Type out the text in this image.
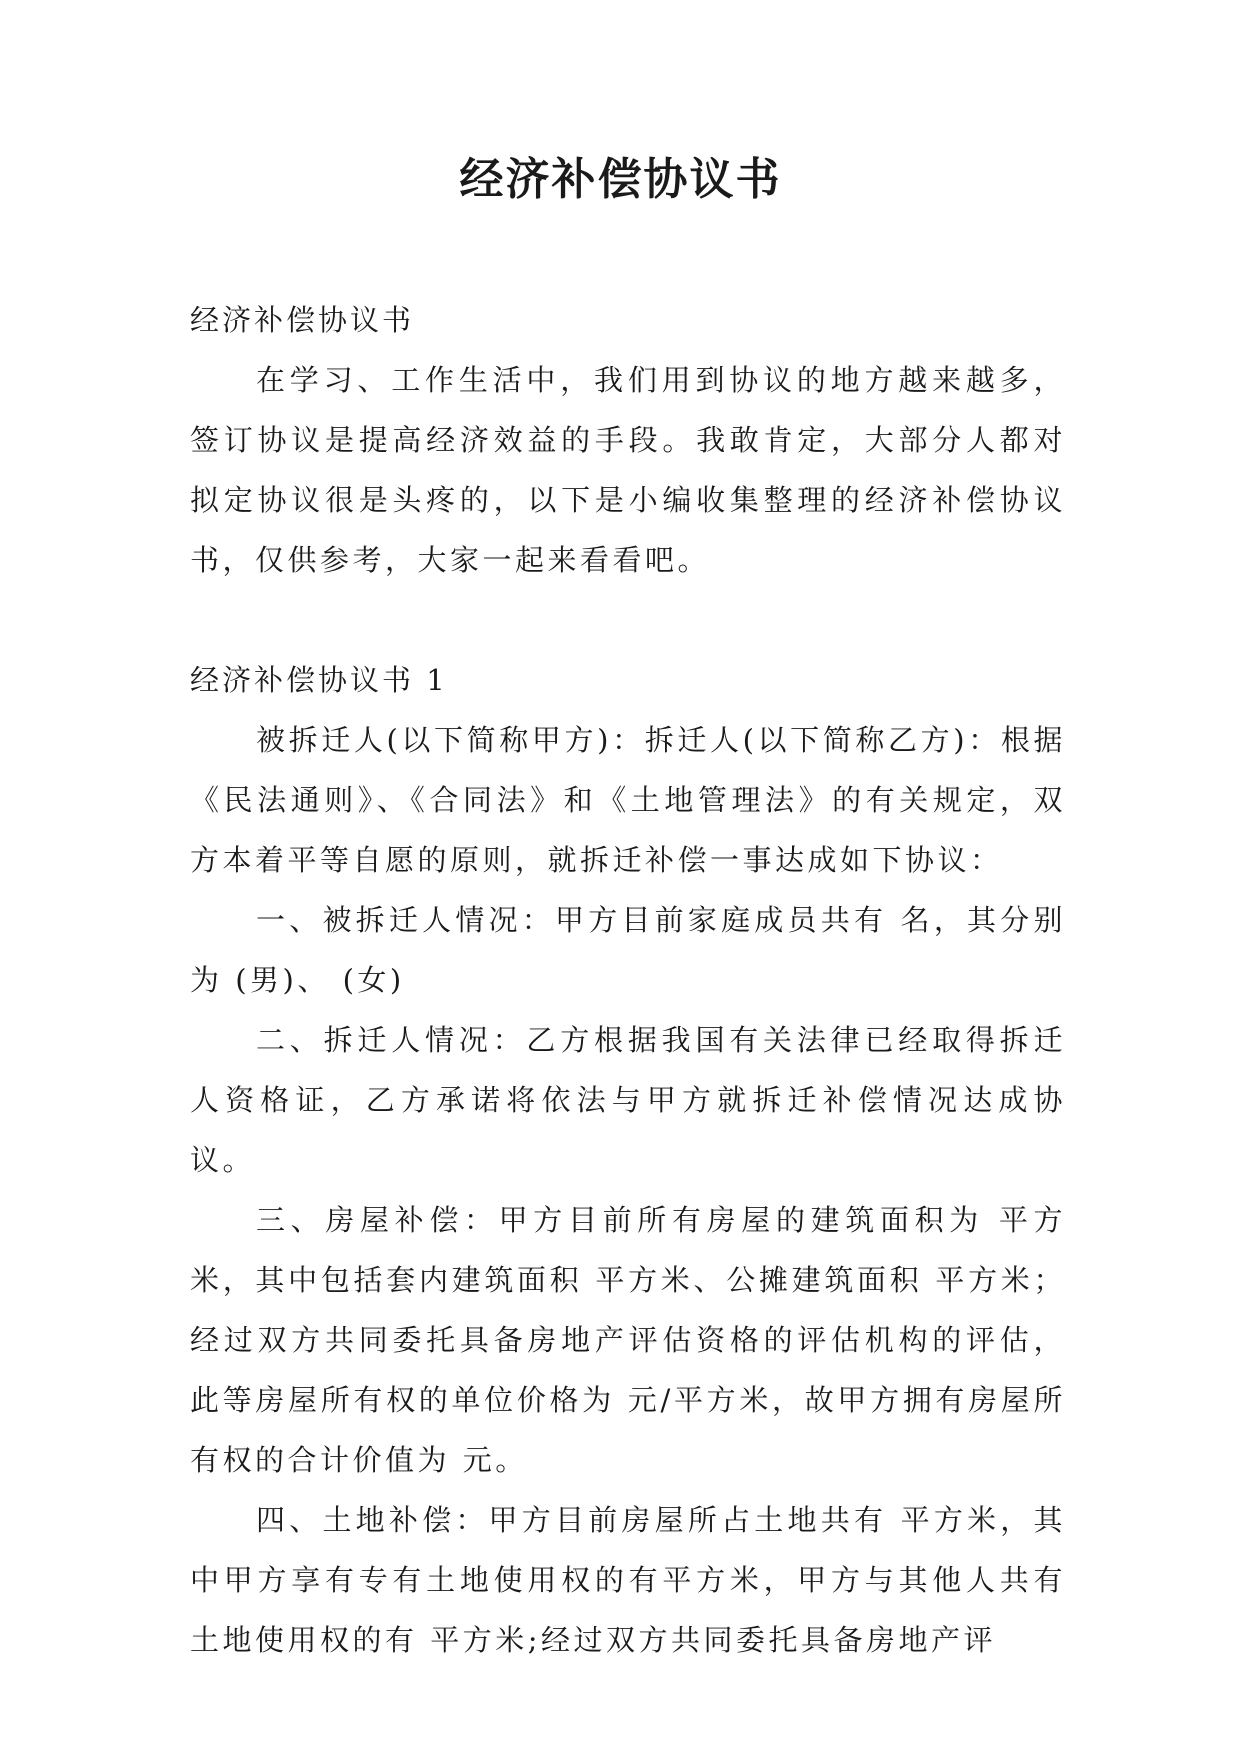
经济补偿协议书

经济补偿协议书

在学习、工作生活中，我们用到协议的地方越来越多，签订协议是提高经济效益的手段。我敢肯定，大部分人都对拟定协议很是头疼的，以下是小编收集整理的经济补偿协议书，仅供参考，大家一起来看看吧。

经济补偿协议书 1

被拆迁人(以下简称甲方)：拆迁人(以下简称乙方)：根据《民法通则》、《合同法》和《土地管理法》的有关规定，双方本着平等自愿的原则，就拆迁补偿一事达成如下协议：

一、被拆迁人情况：甲方目前家庭成员共有 名，其分别为 (男)、 (女)

二、拆迁人情况：乙方根据我国有关法律已经取得拆迁人资格证，乙方承诺将依法与甲方就拆迁补偿情况达成协议。

三、房屋补偿：甲方目前所有房屋的建筑面积为 平方米，其中包括套内建筑面积 平方米、公摊建筑面积 平方米；经过双方共同委托具备房地产评估资格的评估机构的评估，此等房屋所有权的单位价格为 元/平方米，故甲方拥有房屋所有权的合计价值为 元。

四、土地补偿：甲方目前房屋所占土地共有 平方米，其中甲方享有专有土地使用权的有平方米，甲方与其他人共有土地使用权的有 平方米;经过双方共同委托具备房地产评
